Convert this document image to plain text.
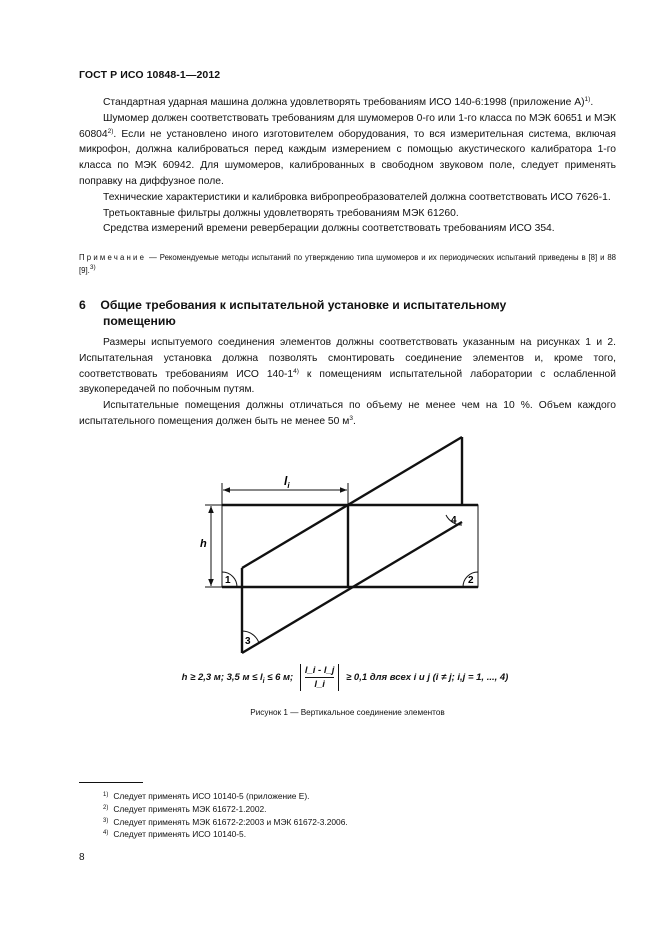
ГОСТ Р ИСО 10848-1—2012

Стандартная ударная машина должна удовлетворять требованиям ИСО 140-6:1998 (приложение А)$^{1)}$.

Шумомер должен соответствовать требованиям для шумомеров 0-го или 1-го класса по МЭК 60651 и МЭК 60804$^{2)}$. Если не установлено иного изготовителем оборудования, то вся измерительная система, включая микрофон, должна калиброваться перед каждым измерением с помощью акустического калибратора 1-го класса по МЭК 60942. Для шумомеров, калиброванных в свободном звуковом поле, следует применять поправку на диффузное поле.

Технические характеристики и калибровка вибропреобразователей должна соответствовать ИСО 7626-1.

Третьоктавные фильтры должны удовлетворять требованиям МЭК 61260.

Средства измерений времени реверберации должны соответствовать требованиям ИСО 354.

Примечание — Рекомендуемые методы испытаний по утверждению типа шумомеров и их периодических испытаний приведены в [8] и 88 [9].$^{3)}$
6 Общие требования к испытательной установке и испытательному
помещению

Размеры испытуемого соединения элементов должны соответствовать указанным на рисунках 1 и 2. Испытательная установка должна позволять смонтировать соединение элементов и, кроме того, соответствовать требованиям ИСО 140-1$^{4)}$ к помещениям испытательной лаборатории с ослабленной звукопередачей по побочным путям.

Испытательные помещения должны отличаться по объему не менее чем на 10 %. Объем каждого испытательного помещения должен быть не менее 50 $м^3$.

$l_i$
h
1	2
3
4
h ≥ 2,3 м; 3,5 $м \le l_i \le 6$ м; $\frac{l\_i - l\_j}{l\_i} \ge 0,1$ для всех i и j (i ≠ j; i,j = 1, ..., 4)
Рисунок 1 — Вертикальное соединение элементов
$^{1)}$ Следует применять ИСО 10140-5 (приложение Е).
$^{2)}$ Следует применять МЭК 61672-1.2002.
$^{3)}$ Следует применять МЭК 61672-2:2003 и МЭК 61672-3.2006.
$^{4)}$ Следует применять ИСО 10140-5.
8
